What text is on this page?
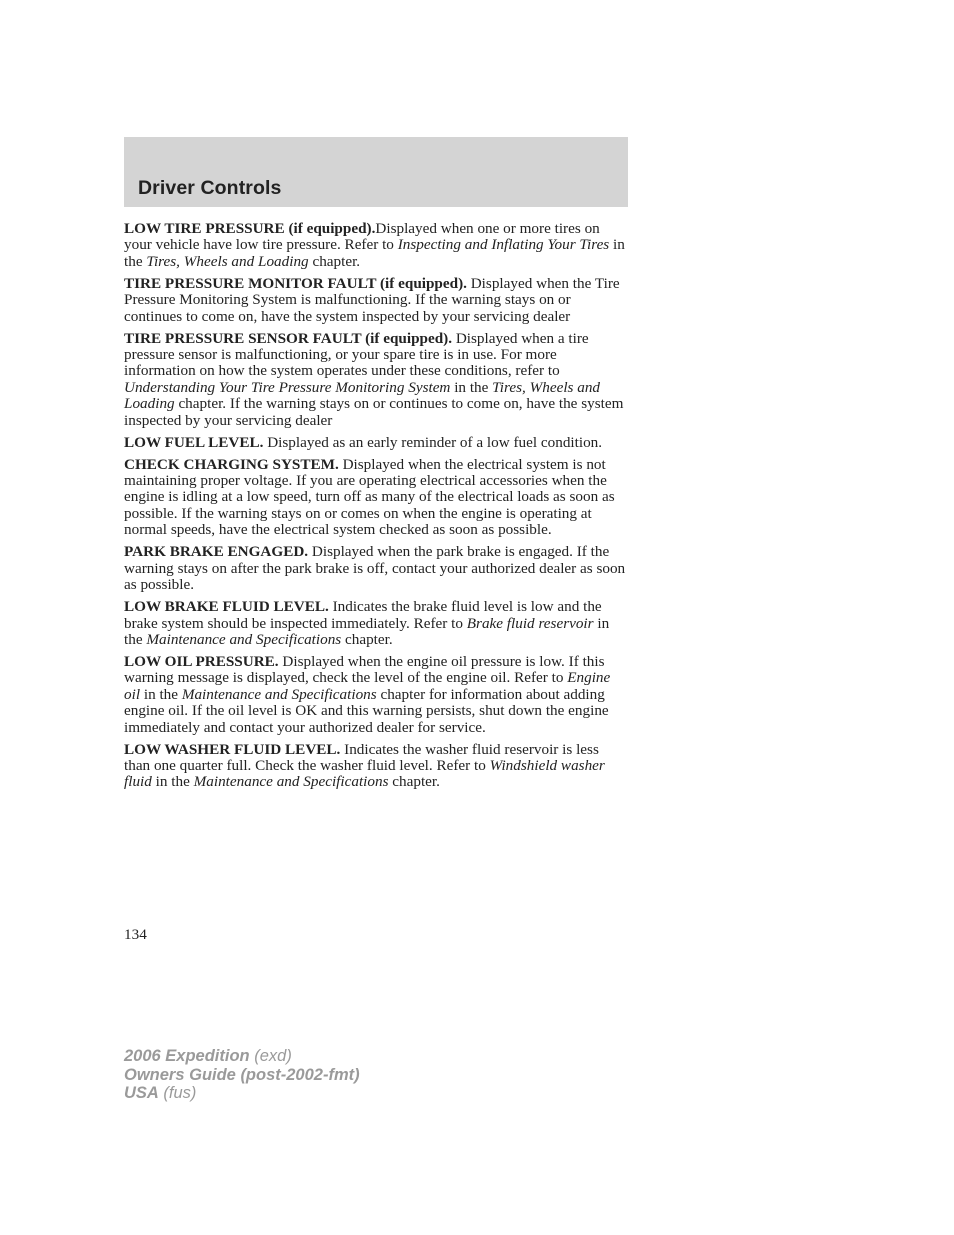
Driver Controls

LOW TIRE PRESSURE (if equipped).Displayed when one or more tires on your vehicle have low tire pressure. Refer to Inspecting and Inflating Your Tires in the Tires, Wheels and Loading chapter.

TIRE PRESSURE MONITOR FAULT (if equipped). Displayed when the Tire Pressure Monitoring System is malfunctioning. If the warning stays on or continues to come on, have the system inspected by your servicing dealer

TIRE PRESSURE SENSOR FAULT (if equipped). Displayed when a tire pressure sensor is malfunctioning, or your spare tire is in use. For more information on how the system operates under these conditions, refer to Understanding Your Tire Pressure Monitoring System in the Tires, Wheels and Loading chapter. If the warning stays on or continues to come on, have the system inspected by your servicing dealer

LOW FUEL LEVEL. Displayed as an early reminder of a low fuel condition.

CHECK CHARGING SYSTEM. Displayed when the electrical system is not maintaining proper voltage. If you are operating electrical accessories when the engine is idling at a low speed, turn off as many of the electrical loads as soon as possible. If the warning stays on or comes on when the engine is operating at normal speeds, have the electrical system checked as soon as possible.

PARK BRAKE ENGAGED. Displayed when the park brake is engaged. If the warning stays on after the park brake is off, contact your authorized dealer as soon as possible.

LOW BRAKE FLUID LEVEL. Indicates the brake fluid level is low and the brake system should be inspected immediately. Refer to Brake fluid reservoir in the Maintenance and Specifications chapter.

LOW OIL PRESSURE. Displayed when the engine oil pressure is low. If this warning message is displayed, check the level of the engine oil. Refer to Engine oil in the Maintenance and Specifications chapter for information about adding engine oil. If the oil level is OK and this warning persists, shut down the engine immediately and contact your authorized dealer for service.

LOW WASHER FLUID LEVEL. Indicates the washer fluid reservoir is less than one quarter full. Check the washer fluid level. Refer to Windshield washer fluid in the Maintenance and Specifications chapter.

134
2006 Expedition (exd)
Owners Guide (post-2002-fmt)
USA (fus)
